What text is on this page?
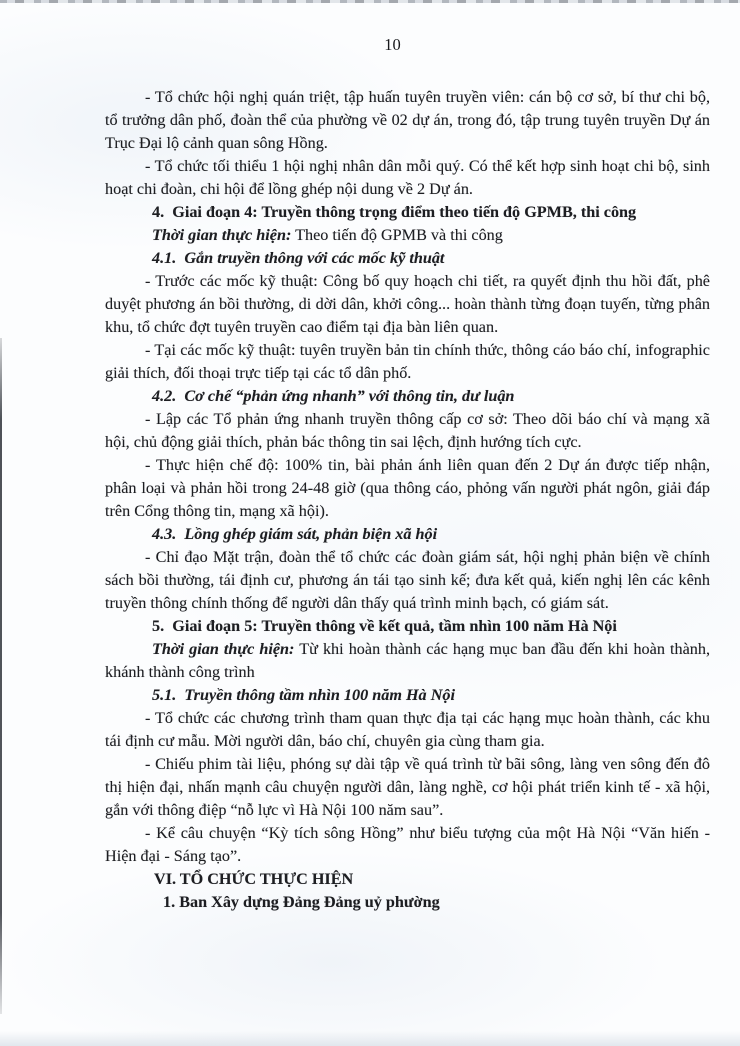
10

- Tổ chức hội nghị quán triệt, tập huấn tuyên truyền viên: cán bộ cơ sở, bí thư chi bộ, tổ trưởng dân phố, đoàn thể của phường về 02 dự án, trong đó, tập trung tuyên truyền Dự án Trục Đại lộ cảnh quan sông Hồng.

- Tổ chức tối thiểu 1 hội nghị nhân dân mỗi quý. Có thể kết hợp sinh hoạt chi bộ, sinh hoạt chi đoàn, chi hội để lồng ghép nội dung về 2 Dự án.

4. Giai đoạn 4: Truyền thông trọng điểm theo tiến độ GPMB, thi công

Thời gian thực hiện: Theo tiến độ GPMB và thi công

4.1. Gắn truyền thông với các mốc kỹ thuật

- Trước các mốc kỹ thuật: Công bố quy hoạch chi tiết, ra quyết định thu hồi đất, phê duyệt phương án bồi thường, di dời dân, khởi công... hoàn thành từng đoạn tuyến, từng phân khu, tổ chức đợt tuyên truyền cao điểm tại địa bàn liên quan.

- Tại các mốc kỹ thuật: tuyên truyền bản tin chính thức, thông cáo báo chí, infographic giải thích, đối thoại trực tiếp tại các tổ dân phố.

4.2. Cơ chế “phản ứng nhanh” với thông tin, dư luận

- Lập các Tổ phản ứng nhanh truyền thông cấp cơ sở: Theo dõi báo chí và mạng xã hội, chủ động giải thích, phản bác thông tin sai lệch, định hướng tích cực.

- Thực hiện chế độ: 100% tin, bài phản ánh liên quan đến 2 Dự án được tiếp nhận, phân loại và phản hồi trong 24-48 giờ (qua thông cáo, phỏng vấn người phát ngôn, giải đáp trên Cổng thông tin, mạng xã hội).

4.3. Lồng ghép giám sát, phản biện xã hội

- Chỉ đạo Mặt trận, đoàn thể tổ chức các đoàn giám sát, hội nghị phản biện về chính sách bồi thường, tái định cư, phương án tái tạo sinh kế; đưa kết quả, kiến nghị lên các kênh truyền thông chính thống để người dân thấy quá trình minh bạch, có giám sát.

5. Giai đoạn 5: Truyền thông về kết quả, tầm nhìn 100 năm Hà Nội

Thời gian thực hiện: Từ khi hoàn thành các hạng mục ban đầu đến khi hoàn thành, khánh thành công trình

5.1. Truyền thông tầm nhìn 100 năm Hà Nội

- Tổ chức các chương trình tham quan thực địa tại các hạng mục hoàn thành, các khu tái định cư mẫu. Mời người dân, báo chí, chuyên gia cùng tham gia.

- Chiếu phim tài liệu, phóng sự dài tập về quá trình từ bãi sông, làng ven sông đến đô thị hiện đại, nhấn mạnh câu chuyện người dân, làng nghề, cơ hội phát triển kinh tế - xã hội, gắn với thông điệp “nỗ lực vì Hà Nội 100 năm sau”.

- Kể câu chuyện “Kỳ tích sông Hồng” như biểu tượng của một Hà Nội “Văn hiến - Hiện đại - Sáng tạo”.

VI. TỔ CHỨC THỰC HIỆN

1. Ban Xây dựng Đảng Đảng uỷ phường
